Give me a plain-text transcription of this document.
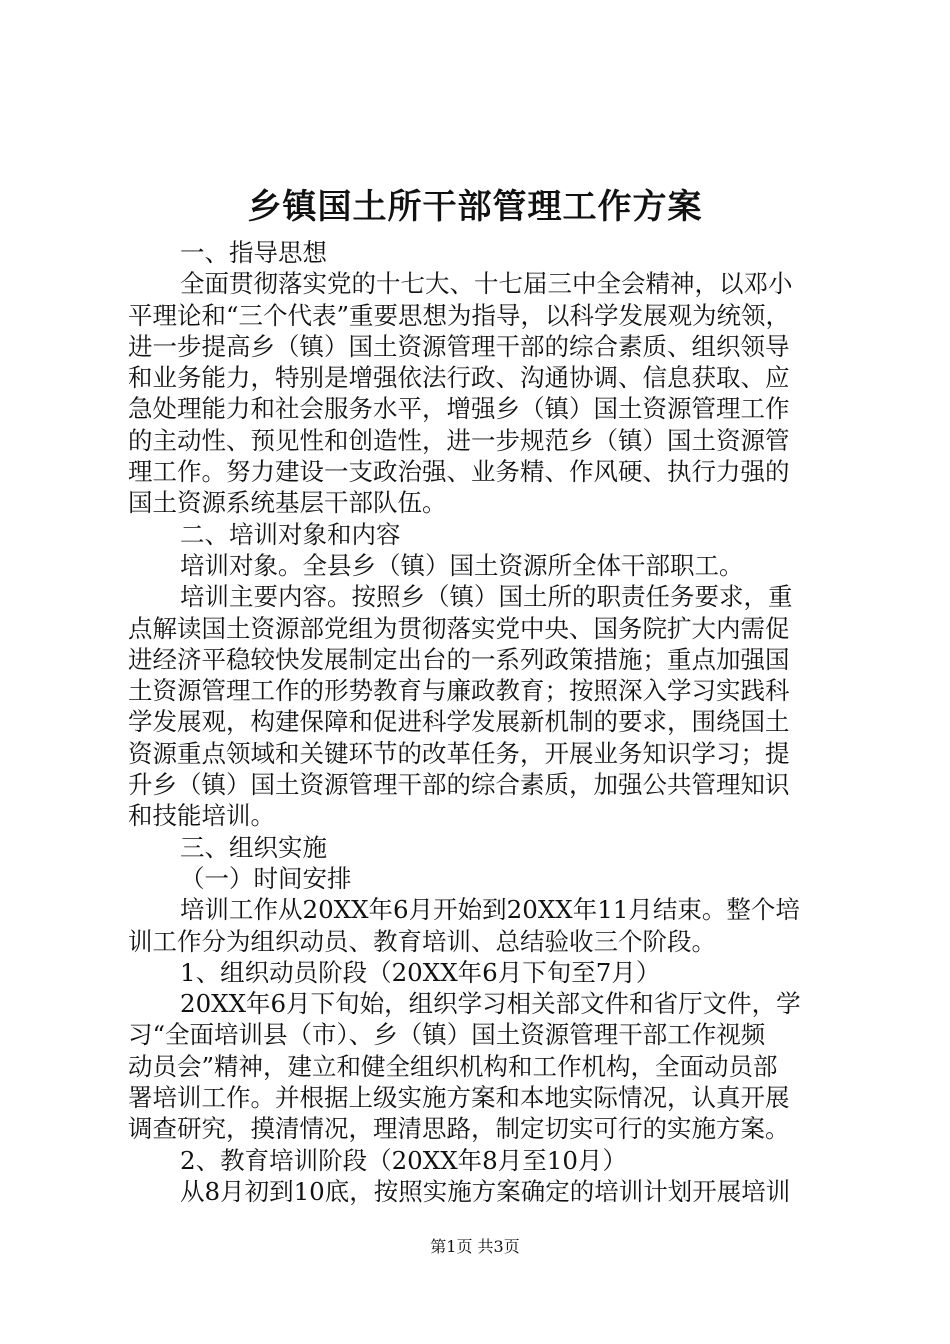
乡镇国土所干部管理工作方案
一、指导思想
全面贯彻落实党的十七大、十七届三中全会精神，以邓小
平理论和“三个代表”重要思想为指导，以科学发展观为统领，
进一步提高乡（镇）国土资源管理干部的综合素质、组织领导
和业务能力，特别是增强依法行政、沟通协调、信息获取、应
急处理能力和社会服务水平，增强乡（镇）国土资源管理工作
的主动性、预见性和创造性，进一步规范乡（镇）国土资源管
理工作。努力建设一支政治强、业务精、作风硬、执行力强的
国土资源系统基层干部队伍。
二、培训对象和内容
培训对象。全县乡（镇）国土资源所全体干部职工。
培训主要内容。按照乡（镇）国土所的职责任务要求，重
点解读国土资源部党组为贯彻落实党中央、国务院扩大内需促
进经济平稳较快发展制定出台的一系列政策措施；重点加强国
土资源管理工作的形势教育与廉政教育；按照深入学习实践科
学发展观，构建保障和促进科学发展新机制的要求，围绕国土
资源重点领域和关键环节的改革任务，开展业务知识学习；提
升乡（镇）国土资源管理干部的综合素质，加强公共管理知识
和技能培训。
三、组织实施
（一）时间安排
培训工作从20XX年6月开始到20XX年11月结束。整个培
训工作分为组织动员、教育培训、总结验收三个阶段。
1、组织动员阶段（20XX年6月下旬至7月）
20XX年6月下旬始，组织学习相关部文件和省厅文件，学
习“全面培训县（市）、乡（镇）国土资源管理干部工作视频
动员会”精神，建立和健全组织机构和工作机构，全面动员部
署培训工作。并根据上级实施方案和本地实际情况，认真开展
调查研究，摸清情况，理清思路，制定切实可行的实施方案。
2、教育培训阶段（20XX年8月至10月）
从8月初到10底，按照实施方案确定的培训计划开展培训
第1页 共3页
